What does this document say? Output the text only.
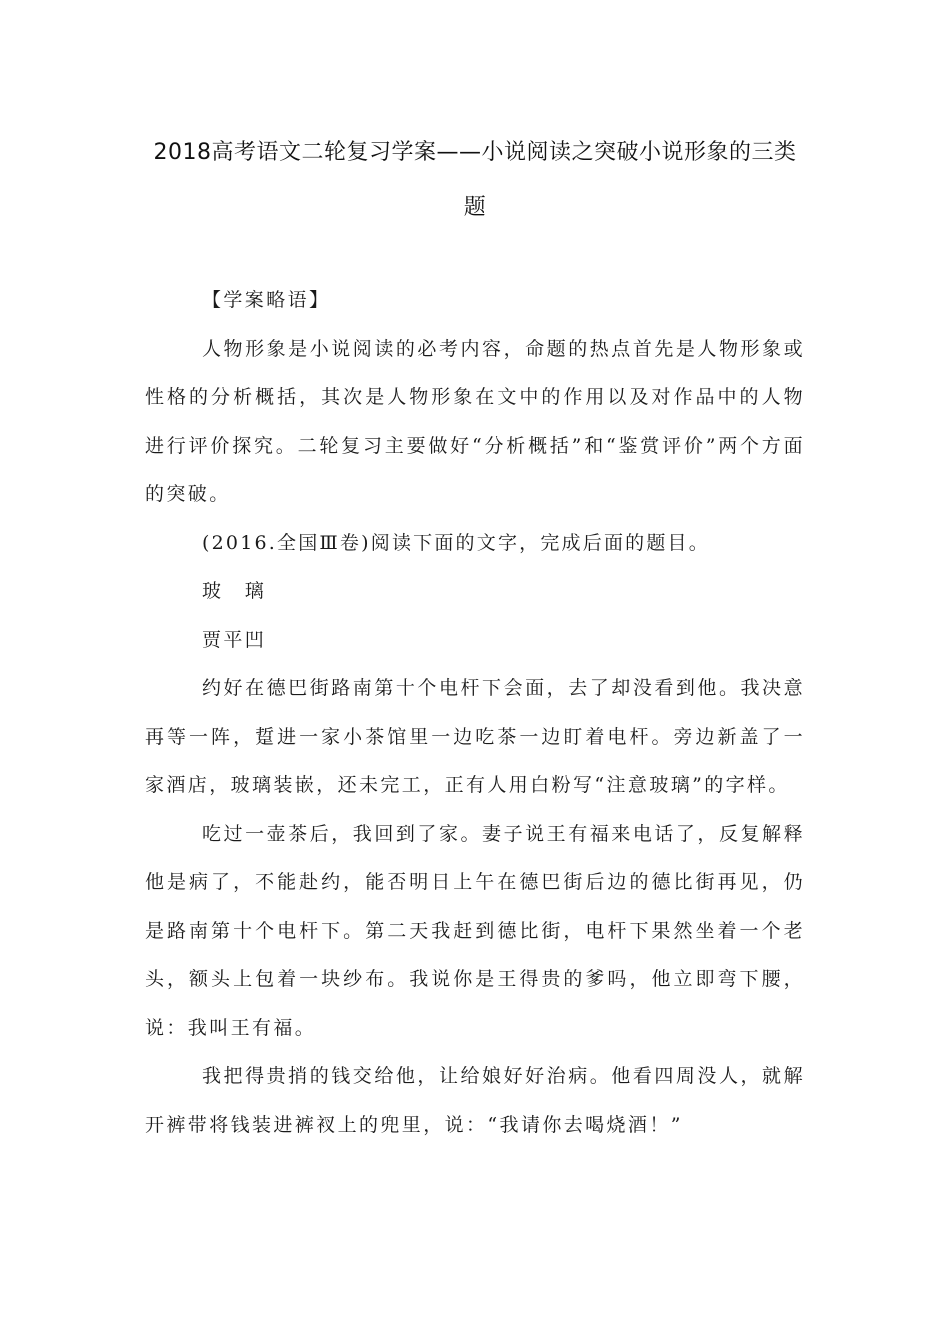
2018高考语文二轮复习学案——小说阅读之突破小说形象的三类
题

【学案略语】

人物形象是小说阅读的必考内容，命题的热点首先是人物形象或性格的分析概括，其次是人物形象在文中的作用以及对作品中的人物进行评价探究。二轮复习主要做好“分析概括”和“鉴赏评价”两个方面的突破。

(2016.全国Ⅲ卷)阅读下面的文字，完成后面的题目。

玻　璃

贾平凹

约好在德巴街路南第十个电杆下会面，去了却没看到他。我决意再等一阵，踅进一家小茶馆里一边吃茶一边盯着电杆。旁边新盖了一家酒店，玻璃装嵌，还未完工，正有人用白粉写“注意玻璃”的字样。

吃过一壶茶后，我回到了家。妻子说王有福来电话了，反复解释他是病了，不能赴约，能否明日上午在德巴街后边的德比街再见，仍是路南第十个电杆下。第二天我赶到德比街，电杆下果然坐着一个老头，额头上包着一块纱布。我说你是王得贵的爹吗，他立即弯下腰，说：我叫王有福。

我把得贵捎的钱交给他，让给娘好好治病。他看四周没人，就解开裤带将钱装进裤衩上的兜里，说：“我请你去喝烧酒！”
